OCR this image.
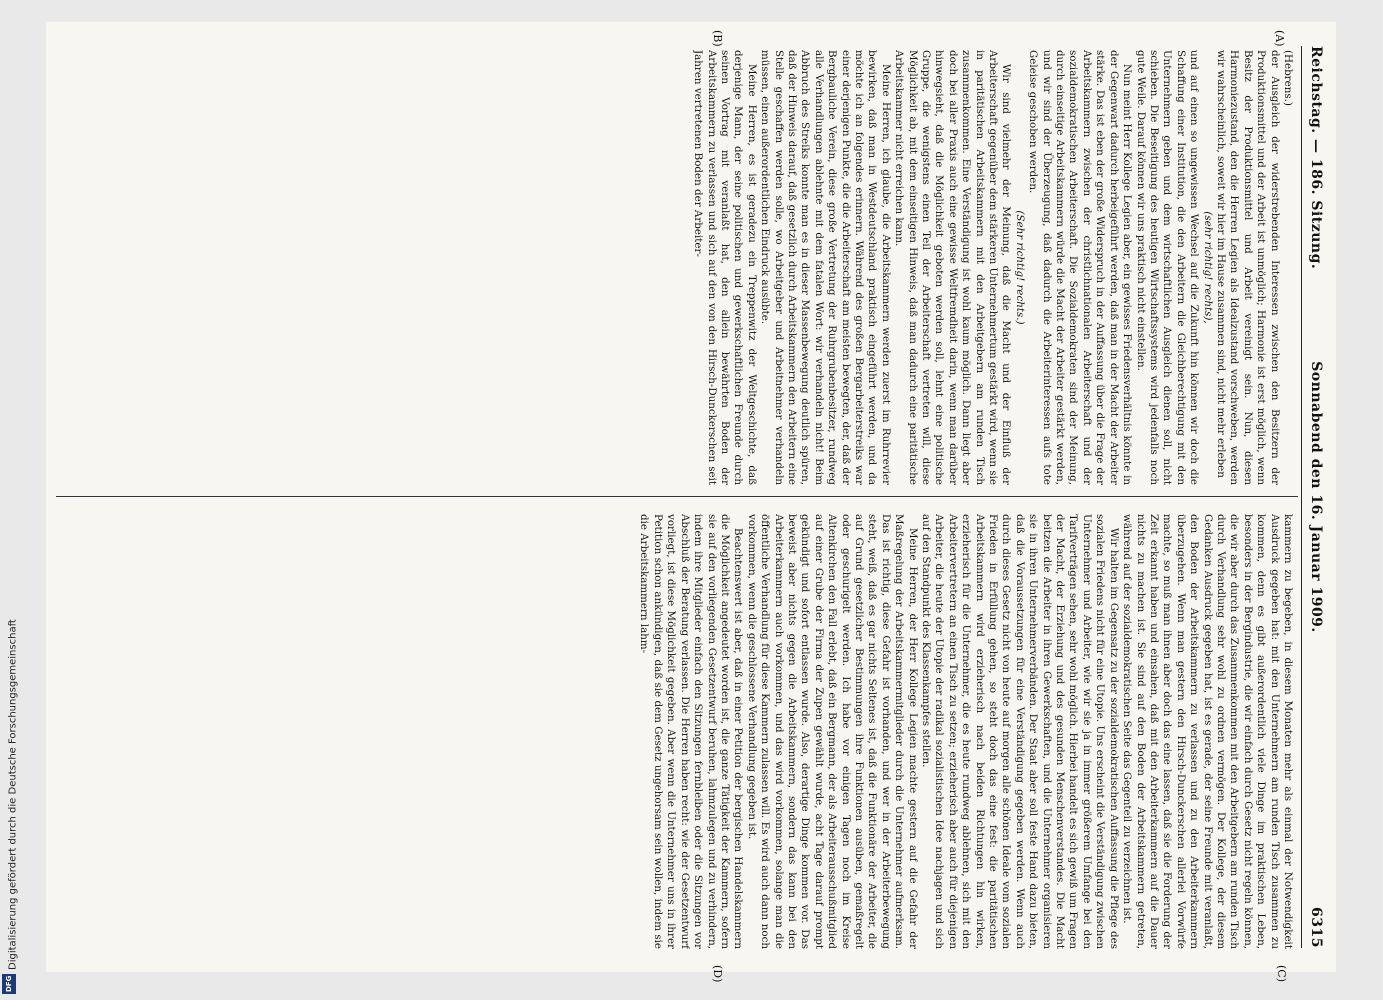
Reichstag. — 186. Sitzung.
Sonnabend den 16. Januar 1909.
6315
(A)
(B)
(C)
(D)

(Hebrens.)

der Ausgleich der widerstrebenden Interessen zwischen den Besitzern der Produktionsmittel und der Arbeit ist unmöglich; Harmonie ist erst möglich, wenn Besitz der Produktionsmittel und Arbeit vereinigt sein. Nun, diesen Harmoniezustand, den die Herren Legien als Idealzustand vorschweben, werden wir wahrscheinlich, soweit wir hier im Hause zusammen sind, nicht mehr erleben

(sehr richtig! rechts),

und auf einen so ungewissen Wechsel auf die Zukunft hin können wir doch die Schaffung einer Institution, die den Arbeitern die Gleichberechtigung mit den Unternehmern geben und dem wirtschaftlichen Ausgleich dienen soll, nicht schieben. Die Beseitigung des heutigen Wirtschaftssystems wird jedenfalls noch gute Weile. Darauf können wir uns praktisch nicht einstellen.

Nun meint Herr Kollege Legien aber, ein gewisses Friedensverhältnis könnte in der Gegenwart dadurch herbeigeführt werden, daß man in der Macht der Arbeiter stärke. Das ist eben der große Widerspruch in der Auffassung über die Frage der Arbeitskammern zwischen der christlichnationalen Arbeiterschaft und der sozialdemokratischen Arbeiterschaft. Die Sozialdemokraten sind der Meinung, durch einseitige Arbeitskammern würde die Macht der Arbeiter gestärkt werden, und wir sind der Überzeugung, daß dadurch die Arbeiterinteressen aufs tote Geleise geschoben werden.

(Sehr richtig! rechts.)

Wir sind vielmehr der Meinung, daß die Macht und der Einfluß der Arbeiterschaft gegenüber dem stärkeren Unternehmertum gestärkt wird, wenn sie in paritätischen Arbeitskammern mit den Arbeitgebern am runden Tisch zusammenkommen. Eine Verständigung ist wohl kaum möglich. Dann liegt aber doch bei aller Praxis auch eine gewisse Weltfremdheit darin, wenn man darüber hinwegsieht, daß die Möglichkeit geboten werden soll, lehnt eine politische Gruppe, die wenigstens einen Teil der Arbeiterschaft vertreten will, diese Möglichkeit ab, mit dem einseitigen Hinweis, daß man dadurch eine paritätische Arbeitskammer nicht erreichen kann.

Meine Herren, ich glaube, die Arbeitskammern werden zuerst im Ruhrrevier bewirken, daß man in Westdeutschland praktisch eingeführt werden, und da möchte ich an folgendes erinnern. Während des großen Bergarbeiterstreiks war einer derjenigen Punkte, die die Arbeiterschaft am meisten bewegten, der, daß der Bergbauliche Verein, diese große Vertretung der Ruhrgrubenbesitzer, rundweg alle Verhandlungen ablehnte mit dem fatalen Wort: wir verhandeln nicht! Beim Abbruch des Streiks konnte man es in dieser Massenbewegung deutlich spüren, daß der Hinweis darauf, daß gesetzlich durch Arbeitskammern den Arbeitern eine Stelle geschaffen werden solle, wo Arbeitgeber und Arbeitnehmer verhandeln müssen, einen außerordentlichen Eindruck ausübte.

Meine Herren, es ist geradezu ein Treppenwitz der Weltgeschichte, daß derjenige Mann, der seine politischen und gewerkschaftlichen Freunde durch seinen Vortrag mit veranlaßt hat, den allein bewährten Boden der Arbeitskammern zu verlassen und sich auf den von den Hirsch-Dunckerschen seit Jahren vertretenen Boden der Arbeiter-

kammern zu begeben, in diesem Monaten mehr als einmal der Notwendigkeit Ausdruck gegeben hat: mit den Unternehmern am runden Tisch zusammen zu kommen, denn es gibt außerordentlich viele Dinge im praktischen Leben, besonders in der Bergindustrie, die wir einfach durch Gesetz nicht regeln können, die wir aber durch das Zusammenkommen mit den Arbeitgebern am runden Tisch durch Verhandlung sehr wohl zu ordnen vermögen. Der Kollege, der diesem Gedanken Ausdruck gegeben hat, ist es gerade, der seine Freunde mit veranlaßt, den Boden der Arbeitskammern zu verlassen und zu den Arbeiterkammern überzugehen. Wenn man gestern den Hirsch-Dunckerschen allerlei Vorwürfe machte, so muß man ihnen aber doch das eine lassen, daß sie die Forderung der Zeit erkannt haben und einsahen, daß mit den Arbeiterkammern auf die Dauer nichts zu machen ist. Sie sind auf den Boden der Arbeitskammern getreten, während auf der sozialdemokratischen Seite das Gegenteil zu verzeichnen ist.

Wir halten im Gegensatz zu der sozialdemokratischen Auffassung die Pflege des sozialen Friedens nicht für eine Utopie. Uns erscheint die Verständigung zwischen Unternehmer und Arbeiter, wie wir sie ja in immer größerem Umfange bei den Tarifverträgen sehen, sehr wohl möglich. Hierbei handelt es sich gewiß um Fragen der Macht, der Erziehung und des gesunden Menschenverstandes. Die Macht beitzen die Arbeiter in ihren Gewerkschaften, und die Unternehmer organisieren sie in ihren Unternehmerverbänden. Der Staat aber soll feste Hand dazu bieten, daß die Voraussetzungen für eine Verständigung gegeben werden. Wenn auch durch dieses Gesetz nicht von heute auf morgen alle schönen Ideale vom sozialen Frieden in Erfüllung gehen, so steht doch das eine fest: die paritätischen Arbeitskammern wird erzieherisch nach beiden Richtungen hin wirken, erzieherisch für die Unternehmer, die es heute rundweg ablehnen, sich mit den Arbeitervertretern an einen Tisch zu setzen; erzieherisch aber auch für diejenigen Arbeiter, die heute der Utopie der radikal sozialistischen Idee nachjagen und sich auf den Standpunkt des Klassenkampfes stellen.

Meine Herren, der Herr Kollege Legien machte gestern auf die Gefahr der Maßregelung der Arbeitskammermitglieder durch die Unternehmer aufmerksam. Das ist richtig, diese Gefahr ist vorhanden, und wer in der Arbeiterbewegung steht, weiß, daß es gar nichts Seltenes ist, daß die Funktionäre der Arbeiter, die auf Grund gesetzlicher Bestimmungen ihre Funktionen ausüben, gemaßregelt oder geschurigelt werden. Ich habe vor einigen Tagen noch im Kreise Altenkirchen den Fall erlebt, daß ein Bergmann, der als Arbeiterausschußmitglied auf einer Grube der Firma der Zupen gewählt wurde, acht Tage darauf prompt gekündigt und sofort entlassen wurde. Also, derartige Dinge kommen vor. Das beweist aber nichts gegen die Arbeitskammern, sondern das kann bei den Arbeiterkammern auch vorkommen, und das wird vorkommen, solange man die öffentliche Verhandlung für diese Kammern zulassen will. Es wird auch dann noch vorkommen, wenn die geschlossene Verhandlung gegeben ist.

Beachtenswert ist aber, daß in einer Petition der bergischen Handelskammern die Möglichkeit angedeutet worden ist, die ganze Tätigkeit der Kammern, sofern sie auf den vorliegenden Gesetzentwurf beruhen, lahmzulegen und zu verhindern, indem ihre Mitglieder einfach den Sitzungen fernbleiben oder die Sitzungen vor Abschluß der Beratung verlassen. Die Herren haben recht: wie der Gesetzentwurf vorliegt, ist diese Möglichkeit gegeben. Aber wenn die Unternehmer uns in ihrer Petition schon ankündigen, daß sie dem Gesetz ungehorsam sein wollen, indem sie die Arbeitskammern lahm-

Digitalisierung gefördert durch die Deutsche Forschungsgemeinschaft
DFG
